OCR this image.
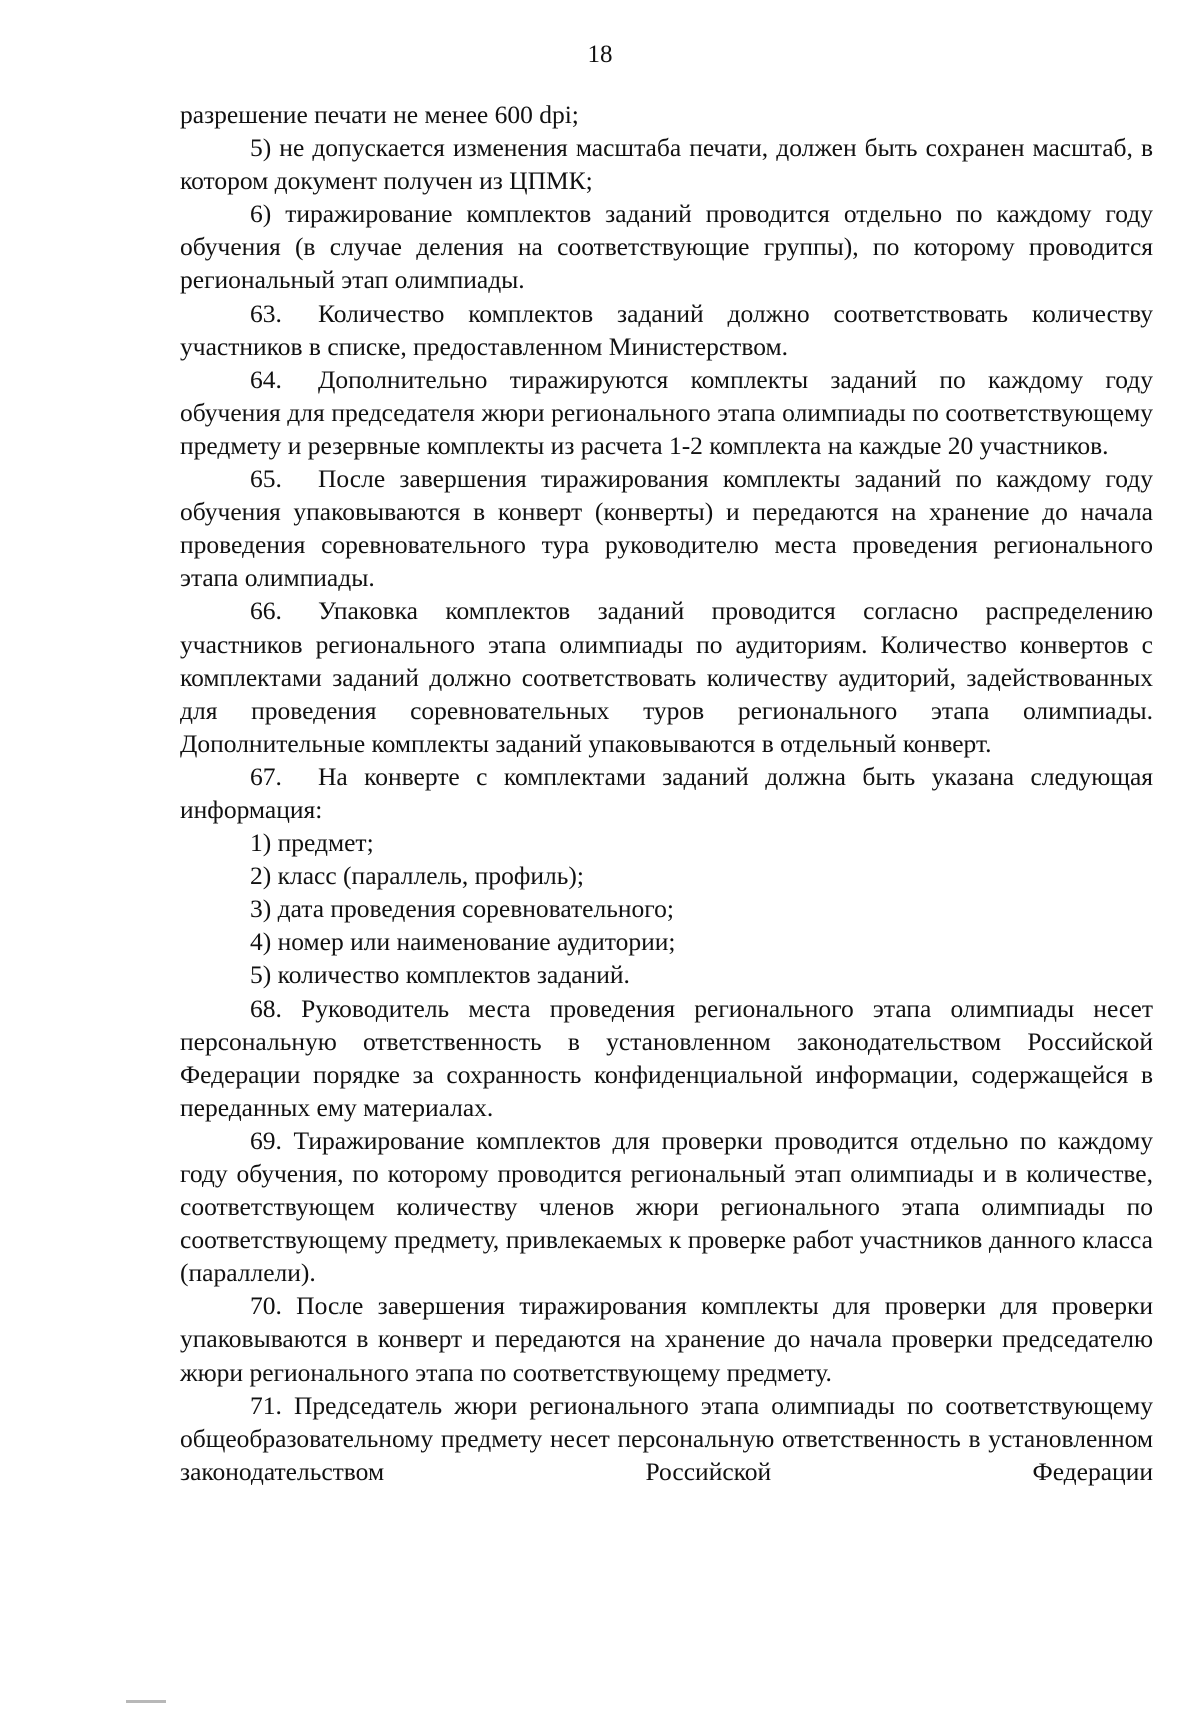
18

разрешение печати не менее 600 dpi;

5) не допускается изменения масштаба печати, должен быть сохранен масштаб, в котором документ получен из ЦПМК;

6) тиражирование комплектов заданий проводится отдельно по каждому году обучения (в случае деления на соответствующие группы), по которому проводится региональный этап олимпиады.

63. Количество комплектов заданий должно соответствовать количеству участников в списке, предоставленном Министерством.

64. Дополнительно тиражируются комплекты заданий по каждому году обучения для председателя жюри регионального этапа олимпиады по соответствующему предмету и резервные комплекты из расчета 1-2 комплекта на каждые 20 участников.

65. После завершения тиражирования комплекты заданий по каждому году обучения упаковываются в конверт (конверты) и передаются на хранение до начала проведения соревновательного тура руководителю места проведения регионального этапа олимпиады.

66. Упаковка комплектов заданий проводится согласно распределению участников регионального этапа олимпиады по аудиториям. Количество конвертов с комплектами заданий должно соответствовать количеству аудиторий, задействованных для проведения соревновательных туров регионального этапа олимпиады. Дополнительные комплекты заданий упаковываются в отдельный конверт.

67. На конверте с комплектами заданий должна быть указана следующая информация:

1) предмет;

2) класс (параллель, профиль);

3) дата проведения соревновательного;

4) номер или наименование аудитории;

5) количество комплектов заданий.

68. Руководитель места проведения регионального этапа олимпиады несет персональную ответственность в установленном законодательством Российской Федерации порядке за сохранность конфиденциальной информации, содержащейся в переданных ему материалах.

69. Тиражирование комплектов для проверки проводится отдельно по каждому году обучения, по которому проводится региональный этап олимпиады и в количестве, соответствующем количеству членов жюри регионального этапа олимпиады по соответствующему предмету, привлекаемых к проверке работ участников данного класса (параллели).

70. После завершения тиражирования комплекты для проверки для проверки упаковываются в конверт и передаются на хранение до начала проверки председателю жюри регионального этапа по соответствующему предмету.

71. Председатель жюри регионального этапа олимпиады по соответствующему общеобразовательному предмету несет персональную ответственность в установленном законодательством Российской Федерации
